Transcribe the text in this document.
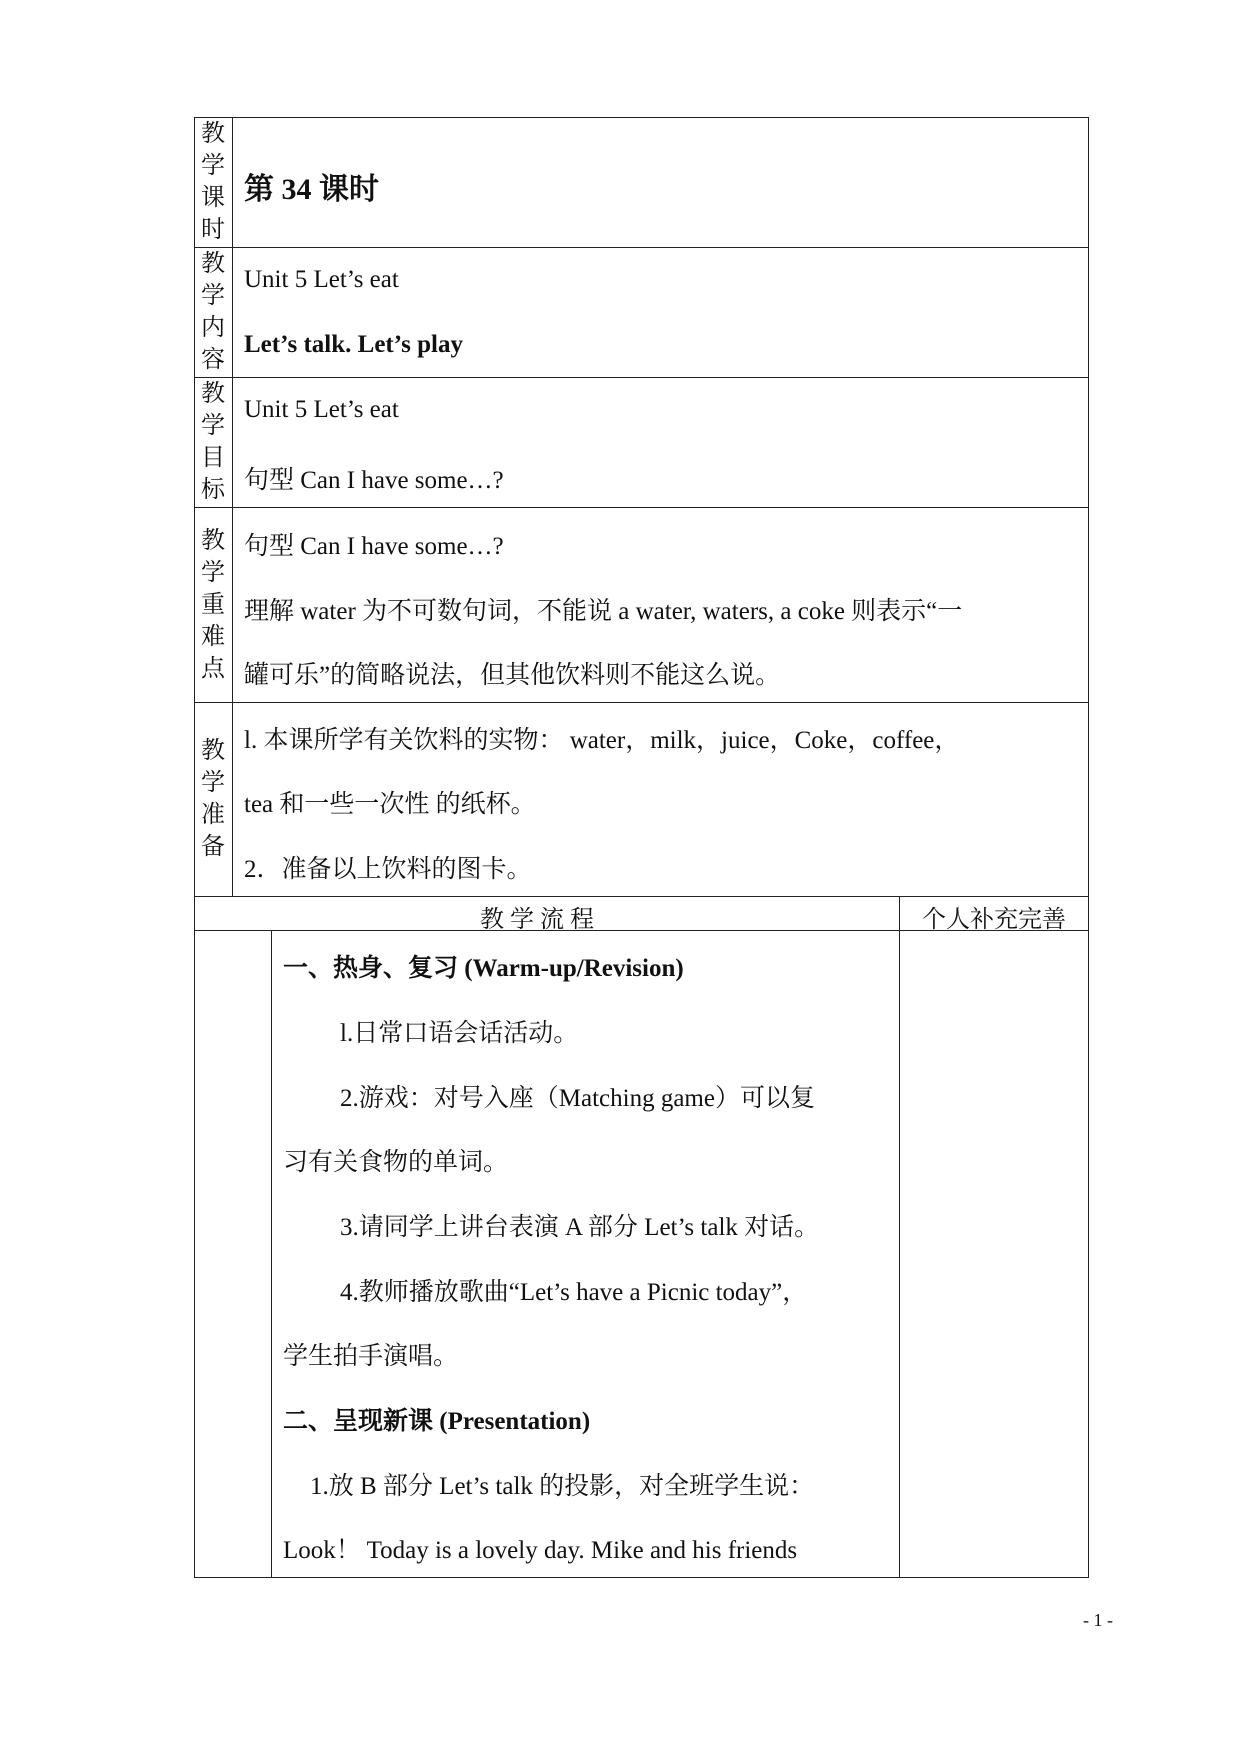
教
学
课
时
第 34 课时
教
学
内
容
Unit 5 Let’s eat
Let’s talk. Let’s play
教
学
目
标
Unit 5 Let’s eat
句型 Can I have some…?
教
学
重
难
点
句型 Can I have some…?
理解 water 为不可数句词，不能说 a water, waters, a coke 则表示“一
罐可乐”的简略说法，但其他饮料则不能这么说。
教
学
准
备
l. 本课所学有关饮料的实物： water，milk，juice，Coke，coffee，
tea 和一些一次性 的纸杯。
2．准备以上饮料的图卡。
教 学 流 程	个人补充完善
一、热身、复习 (Warm-up/Revision)
l.日常口语会话活动。
2.游戏：对号入座（Matching game）可以复
习有关食物的单词。
3.请同学上讲台表演 A 部分 Let’s talk 对话。
4.教师播放歌曲“Let’s have a Picnic today”，
学生拍手演唱。
二、呈现新课 (Presentation)
1.放 B 部分 Let’s talk 的投影，对全班学生说：
Look！ Today is a lovely day. Mike and his friends
- 1 -
